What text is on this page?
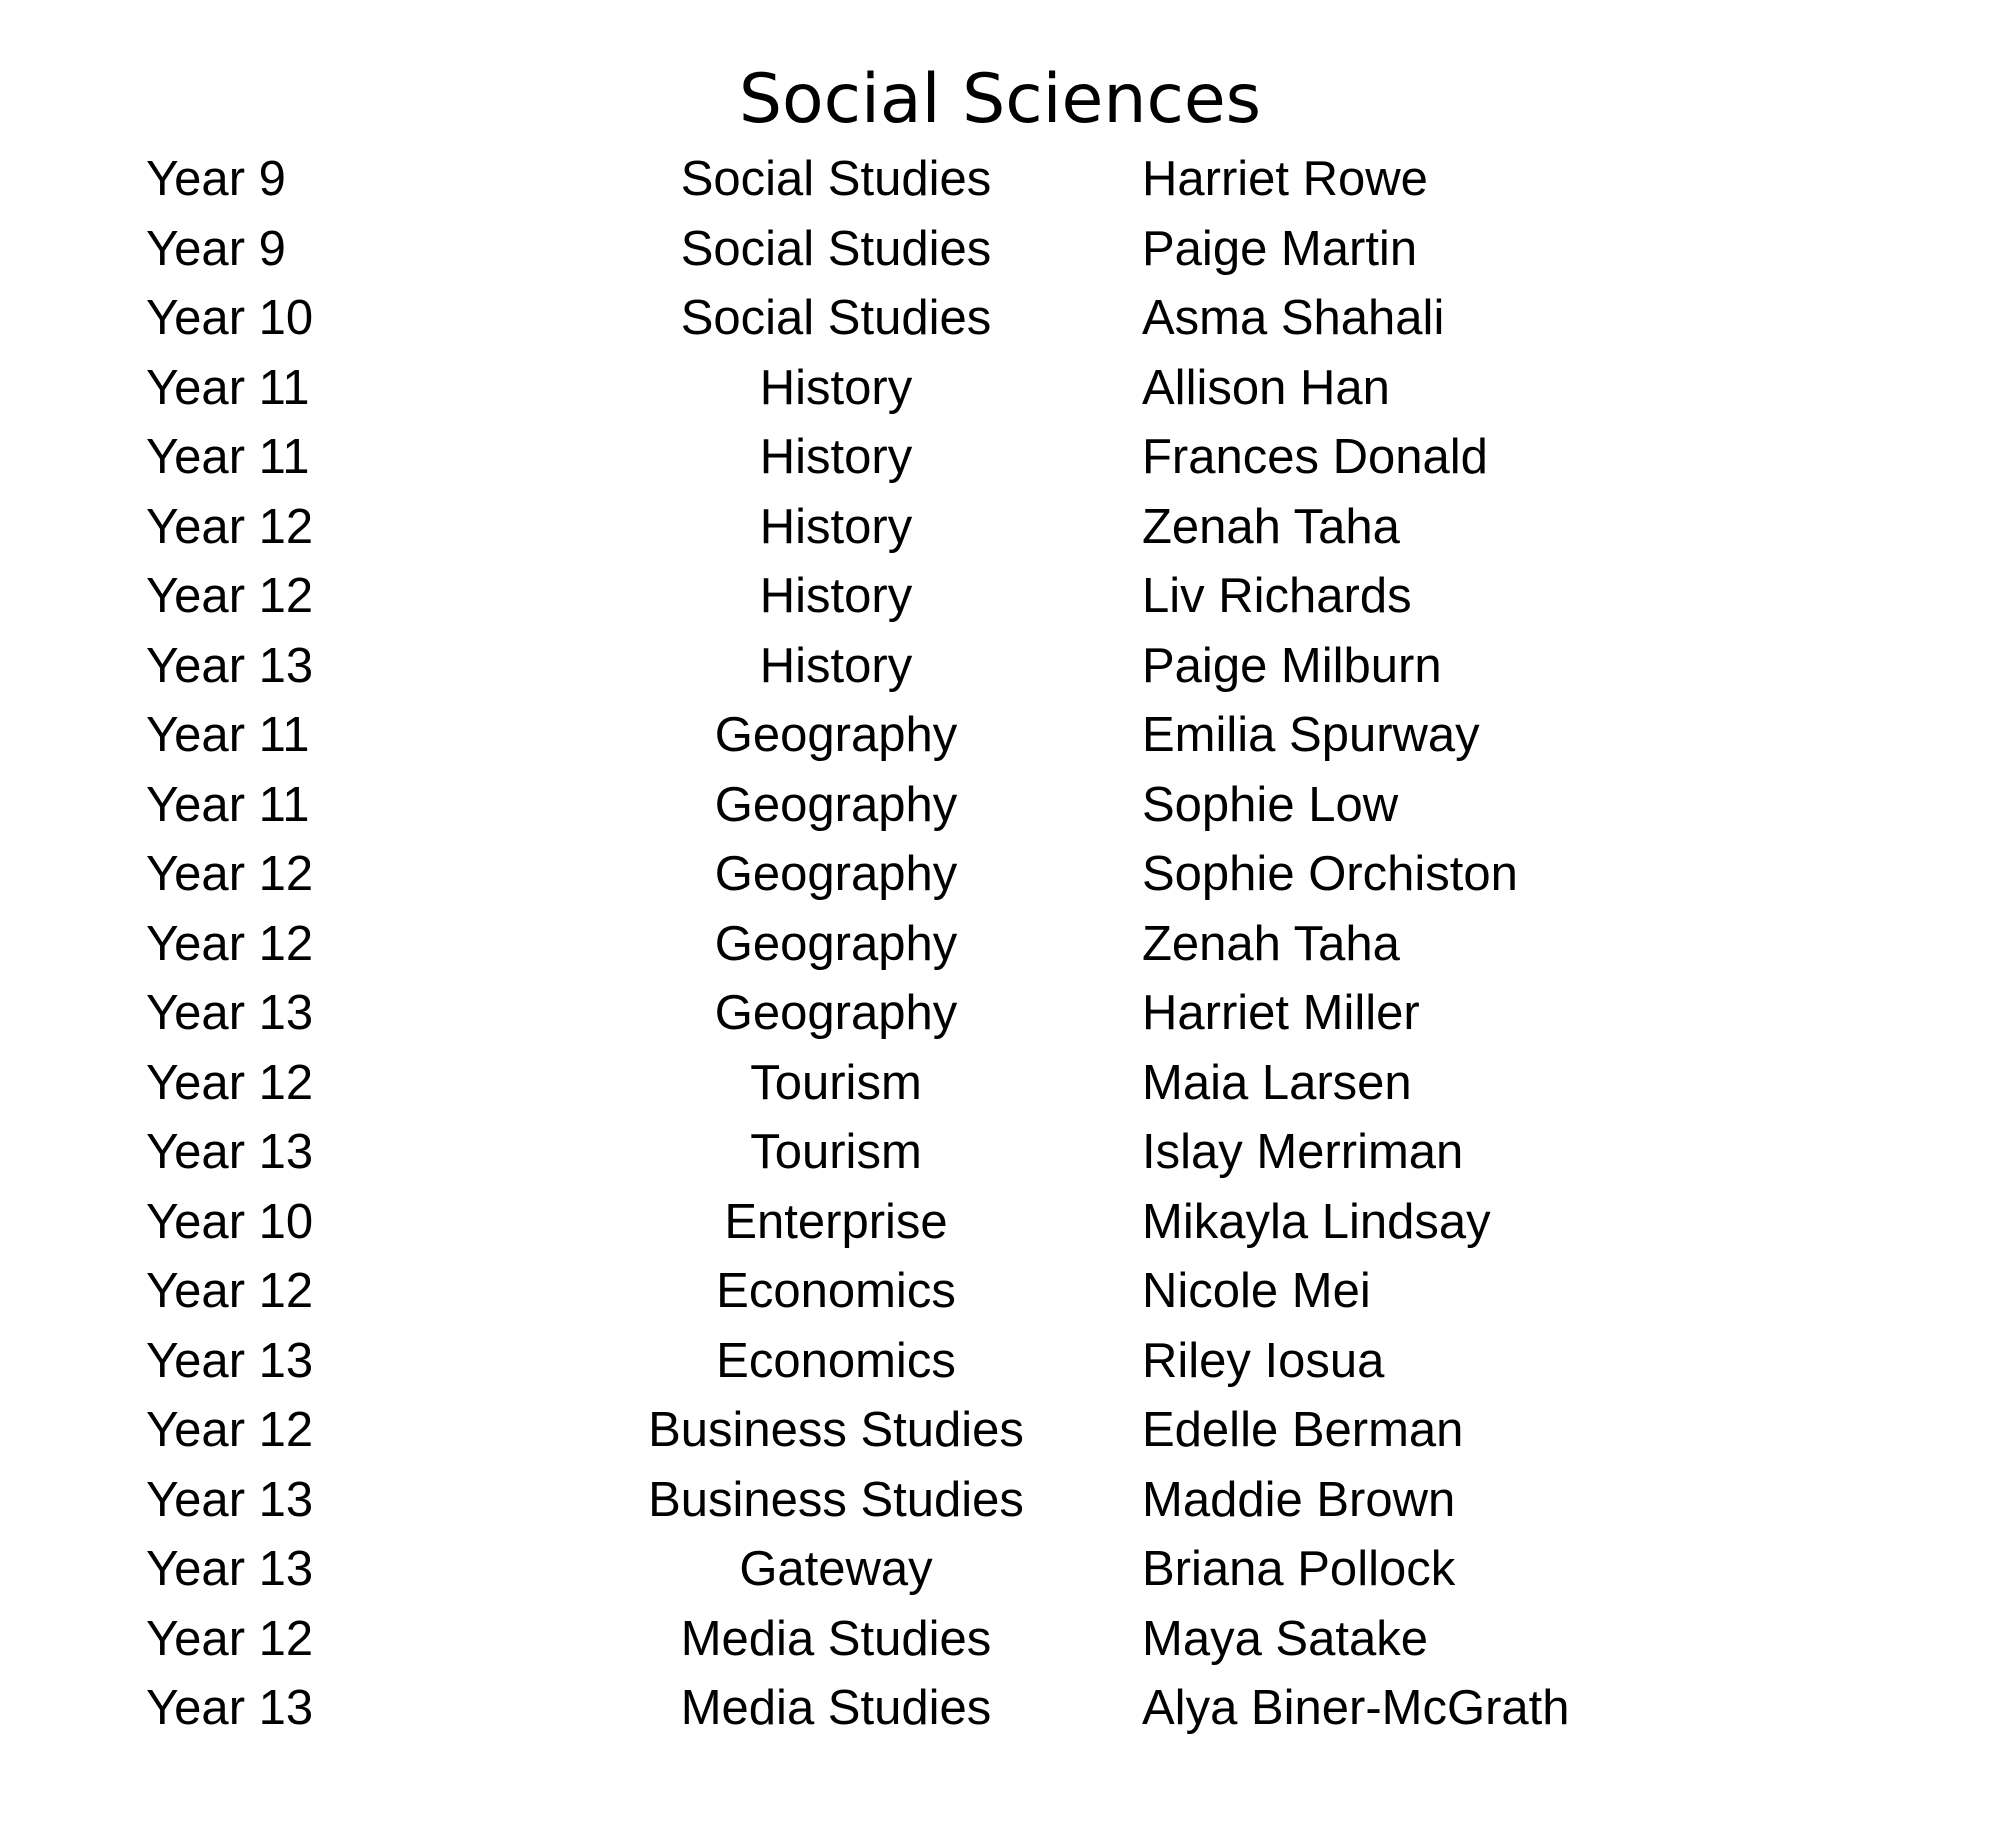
Social Sciences
Year 9	Social Studies	Harriet Rowe
Year 9	Social Studies	Paige Martin
Year 10	Social Studies	Asma Shahali
Year 11	History	Allison Han
Year 11	History	Frances Donald
Year 12	History	Zenah Taha
Year 12	History	Liv Richards
Year 13	History	Paige Milburn
Year 11	Geography	Emilia Spurway
Year 11	Geography	Sophie Low
Year 12	Geography	Sophie Orchiston
Year 12	Geography	Zenah Taha
Year 13	Geography	Harriet Miller
Year 12	Tourism	Maia Larsen
Year 13	Tourism	Islay Merriman
Year 10	Enterprise	Mikayla Lindsay
Year 12	Economics	Nicole Mei
Year 13	Economics	Riley Iosua
Year 12	Business Studies	Edelle Berman
Year 13	Business Studies	Maddie Brown
Year 13	Gateway	Briana Pollock
Year 12	Media Studies	Maya Satake
Year 13	Media Studies	Alya Biner-McGrath
